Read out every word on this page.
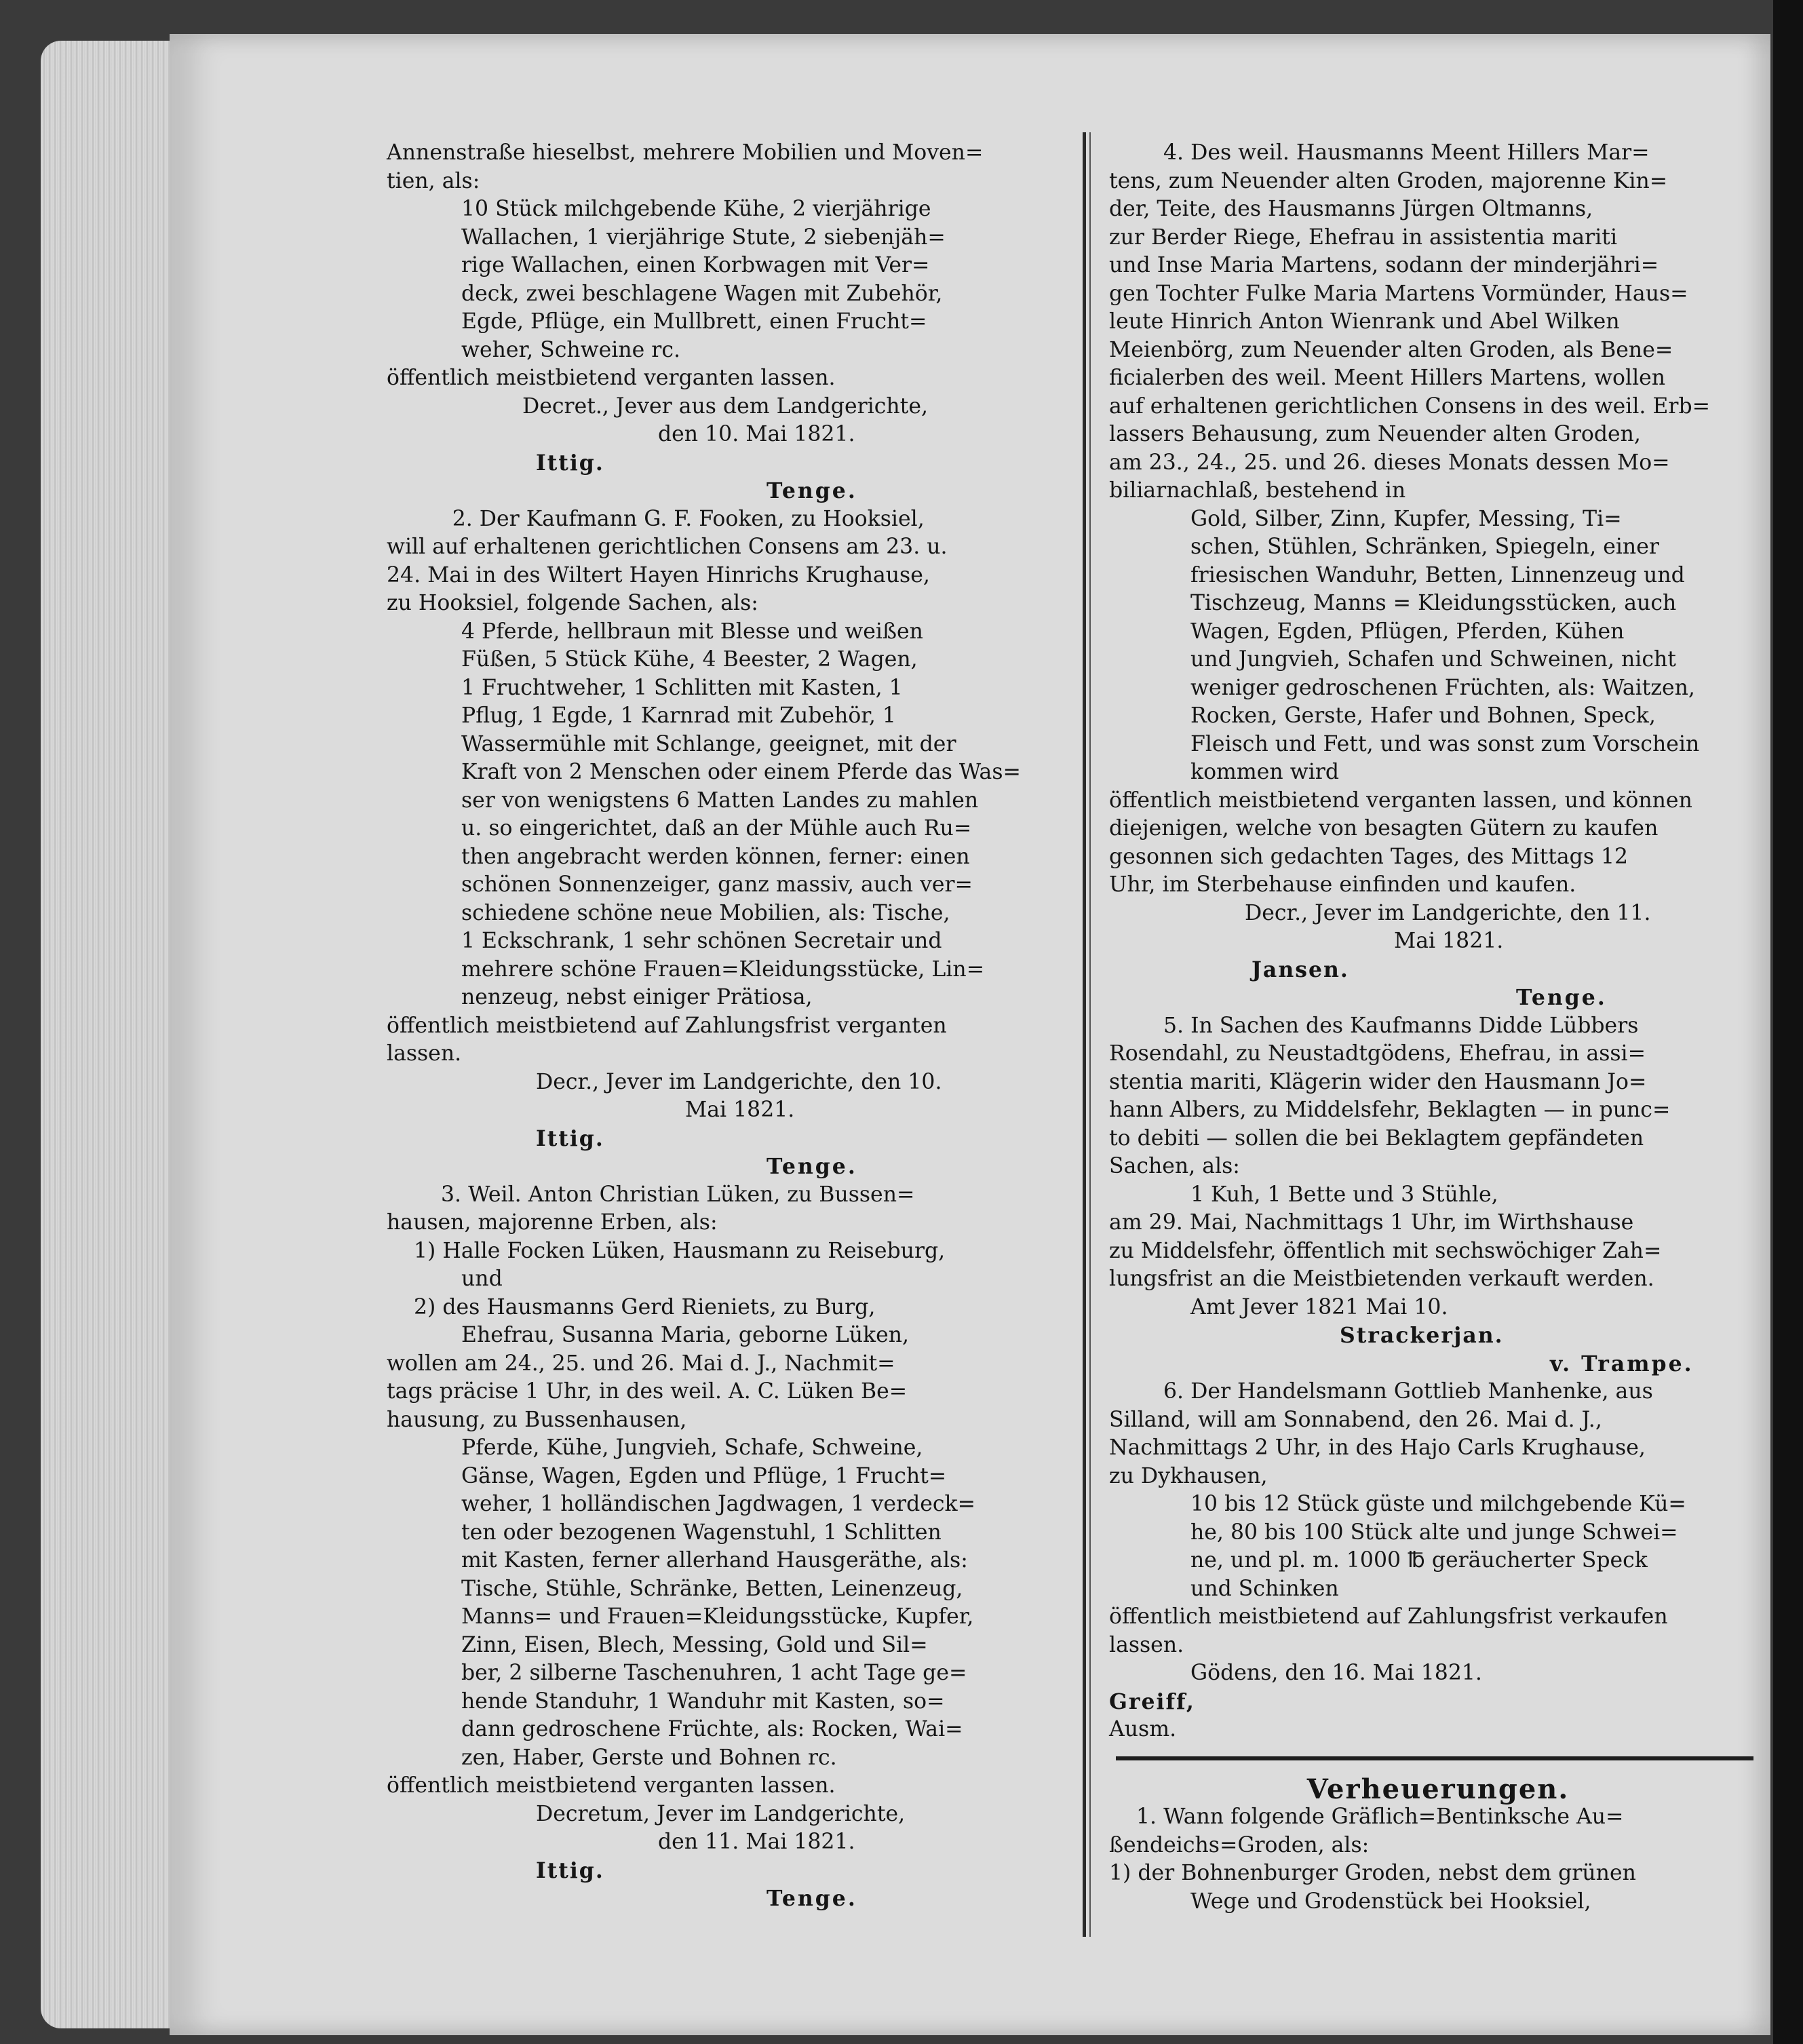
Annenstraße hieselbst, mehrere Mobilien und Moven=

tien, als:

10 Stück milchgebende Kühe, 2 vierjährige

Wallachen, 1 vierjährige Stute, 2 siebenjäh=

rige Wallachen, einen Korbwagen mit Ver=

deck, zwei beschlagene Wagen mit Zubehör,

Egde, Pflüge, ein Mullbrett, einen Frucht=

weher, Schweine rc.

öffentlich meistbietend verganten lassen.

Decret., Jever aus dem Landgerichte,

den 10. Mai 1821.

Ittig.

Tenge.

2. Der Kaufmann G. F. Fooken, zu Hooksiel,

will auf erhaltenen gerichtlichen Consens am 23. u.

24. Mai in des Wiltert Hayen Hinrichs Krughause,

zu Hooksiel, folgende Sachen, als:

4 Pferde, hellbraun mit Blesse und weißen

Füßen, 5 Stück Kühe, 4 Beester, 2 Wagen,

1 Fruchtweher, 1 Schlitten mit Kasten, 1

Pflug, 1 Egde, 1 Karnrad mit Zubehör, 1

Wassermühle mit Schlange, geeignet, mit der

Kraft von 2 Menschen oder einem Pferde das Was=

ser von wenigstens 6 Matten Landes zu mahlen

u. so eingerichtet, daß an der Mühle auch Ru=

then angebracht werden können, ferner: einen

schönen Sonnenzeiger, ganz massiv, auch ver=

schiedene schöne neue Mobilien, als: Tische,

1 Eckschrank, 1 sehr schönen Secretair und

mehrere schöne Frauen=Kleidungsstücke, Lin=

nenzeug, nebst einiger Prätiosa,

öffentlich meistbietend auf Zahlungsfrist verganten

lassen.

Decr., Jever im Landgerichte, den 10.

Mai 1821.

Ittig.

Tenge.

3. Weil. Anton Christian Lüken, zu Bussen=

hausen, majorenne Erben, als:

1) Halle Focken Lüken, Hausmann zu Reiseburg,

und

2) des Hausmanns Gerd Rieniets, zu Burg,

Ehefrau, Susanna Maria, geborne Lüken,

wollen am 24., 25. und 26. Mai d. J., Nachmit=

tags präcise 1 Uhr, in des weil. A. C. Lüken Be=

hausung, zu Bussenhausen,

Pferde, Kühe, Jungvieh, Schafe, Schweine,

Gänse, Wagen, Egden und Pflüge, 1 Frucht=

weher, 1 holländischen Jagdwagen, 1 verdeck=

ten oder bezogenen Wagenstuhl, 1 Schlitten

mit Kasten, ferner allerhand Hausgeräthe, als:

Tische, Stühle, Schränke, Betten, Leinenzeug,

Manns= und Frauen=Kleidungsstücke, Kupfer,

Zinn, Eisen, Blech, Messing, Gold und Sil=

ber, 2 silberne Taschenuhren, 1 acht Tage ge=

hende Standuhr, 1 Wanduhr mit Kasten, so=

dann gedroschene Früchte, als: Rocken, Wai=

zen, Haber, Gerste und Bohnen rc.

öffentlich meistbietend verganten lassen.

Decretum, Jever im Landgerichte,

den 11. Mai 1821.

Ittig.

Tenge.

4. Des weil. Hausmanns Meent Hillers Mar=

tens, zum Neuender alten Groden, majorenne Kin=

der, Teite, des Hausmanns Jürgen Oltmanns,

zur Berder Riege, Ehefrau in assistentia mariti

und Inse Maria Martens, sodann der minderjähri=

gen Tochter Fulke Maria Martens Vormünder, Haus=

leute Hinrich Anton Wienrank und Abel Wilken

Meienbörg, zum Neuender alten Groden, als Bene=

ficialerben des weil. Meent Hillers Martens, wollen

auf erhaltenen gerichtlichen Consens in des weil. Erb=

lassers Behausung, zum Neuender alten Groden,

am 23., 24., 25. und 26. dieses Monats dessen Mo=

biliarnachlaß, bestehend in

Gold, Silber, Zinn, Kupfer, Messing, Ti=

schen, Stühlen, Schränken, Spiegeln, einer

friesischen Wanduhr, Betten, Linnenzeug und

Tischzeug, Manns = Kleidungsstücken, auch

Wagen, Egden, Pflügen, Pferden, Kühen

und Jungvieh, Schafen und Schweinen, nicht

weniger gedroschenen Früchten, als: Waitzen,

Rocken, Gerste, Hafer und Bohnen, Speck,

Fleisch und Fett, und was sonst zum Vorschein

kommen wird

öffentlich meistbietend verganten lassen, und können

diejenigen, welche von besagten Gütern zu kaufen

gesonnen sich gedachten Tages, des Mittags 12

Uhr, im Sterbehause einfinden und kaufen.

Decr., Jever im Landgerichte, den 11.

Mai 1821.

Jansen.

Tenge.

5. In Sachen des Kaufmanns Didde Lübbers

Rosendahl, zu Neustadtgödens, Ehefrau, in assi=

stentia mariti, Klägerin wider den Hausmann Jo=

hann Albers, zu Middelsfehr, Beklagten — in punc=

to debiti — sollen die bei Beklagtem gepfändeten

Sachen, als:

1 Kuh, 1 Bette und 3 Stühle,

am 29. Mai, Nachmittags 1 Uhr, im Wirthshause

zu Middelsfehr, öffentlich mit sechswöchiger Zah=

lungsfrist an die Meistbietenden verkauft werden.

Amt Jever 1821 Mai 10.

Strackerjan.

v. Trampe.

6. Der Handelsmann Gottlieb Manhenke, aus

Silland, will am Sonnabend, den 26. Mai d. J.,

Nachmittags 2 Uhr, in des Hajo Carls Krughause,

zu Dykhausen,

10 bis 12 Stück güste und milchgebende Kü=

he, 80 bis 100 Stück alte und junge Schwei=

ne, und pl. m. 1000 ℔ geräucherter Speck

und Schinken

öffentlich meistbietend auf Zahlungsfrist verkaufen

lassen.

Gödens, den 16. Mai 1821.

Greiff,

Ausm.

Verheuerungen.

1. Wann folgende Gräflich=Bentinksche Au=

ßendeichs=Groden, als:

1) der Bohnenburger Groden, nebst dem grünen

Wege und Grodenstück bei Hooksiel,
